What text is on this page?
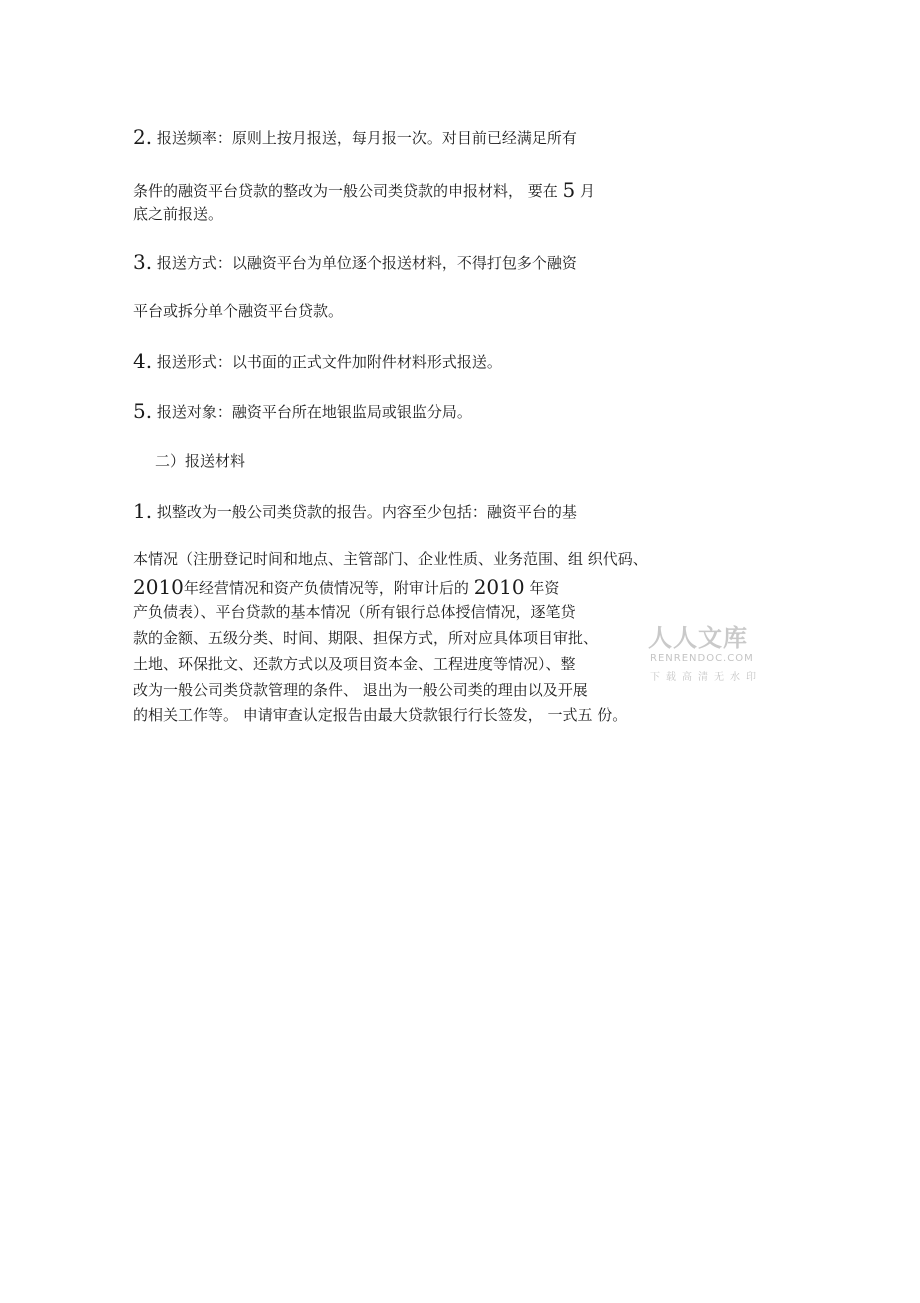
2. 报送频率：原则上按月报送，每月报一次。对目前已经满足所有
条件的融资平台贷款的整改为一般公司类贷款的申报材料， 要在 5 月
底之前报送。
3. 报送方式：以融资平台为单位逐个报送材料，不得打包多个融资
平台或拆分单个融资平台贷款。
4. 报送形式：以书面的正式文件加附件材料形式报送。
5. 报送对象：融资平台所在地银监局或银监分局。
二）报送材料
1. 拟整改为一般公司类贷款的报告。内容至少包括：融资平台的基
本情况（注册登记时间和地点、主管部门、企业性质、业务范围、组 织代码、
2010年经营情况和资产负债情况等，附审计后的 2010 年资
产负债表）、平台贷款的基本情况（所有银行总体授信情况，逐笔贷
款的金额、五级分类、时间、期限、担保方式，所对应具体项目审批、
土地、环保批文、还款方式以及项目资本金、工程进度等情况）、整
改为一般公司类贷款管理的条件、 退出为一般公司类的理由以及开展
的相关工作等。 申请审查认定报告由最大贷款银行行长签发， 一式五 份。
人人文库
RENRENDOC.COM
下载高清无水印
